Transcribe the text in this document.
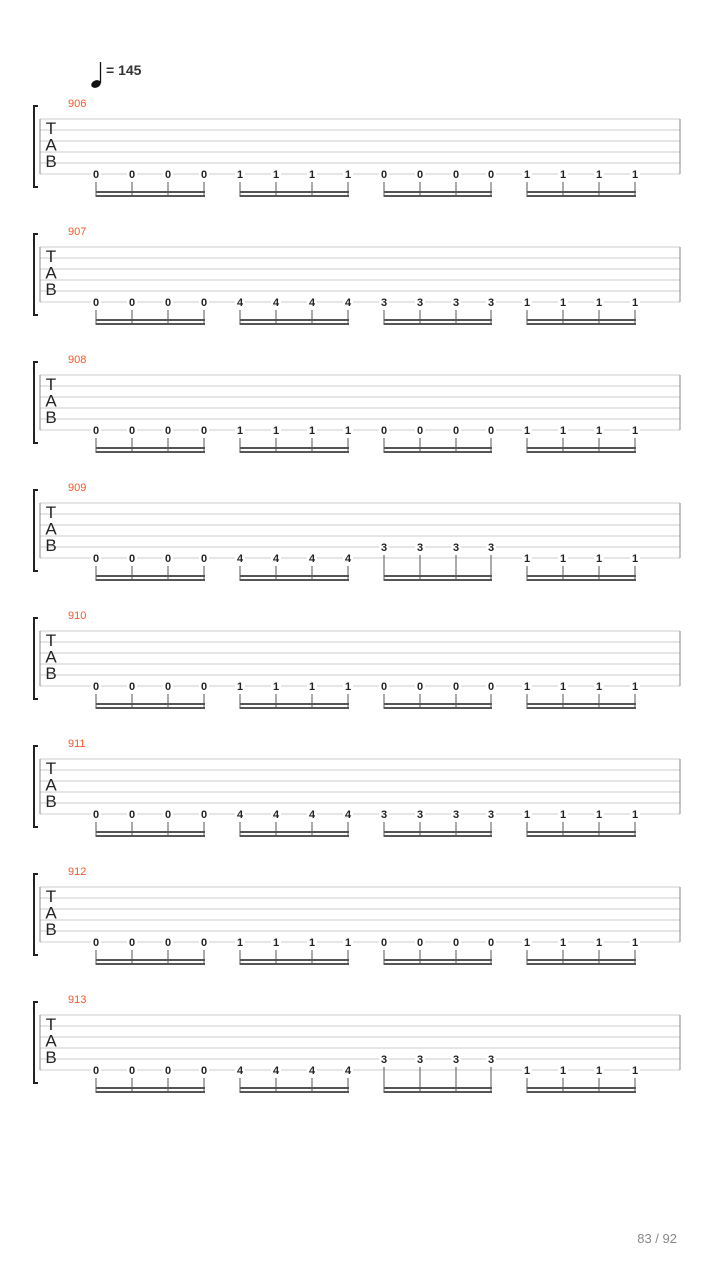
= 145
906
T
A
B
0	0	0	0	1	1	1	1	0	0	0	0	1	1	1	1
907
T
A
B
0	0	0	0	4	4	4	4	3	3	3	3	1	1	1	1
908
T
A
B
0	0	0	0	1	1	1	1	0	0	0	0	1	1	1	1
909
T
A
B
0	0	0	0	4	4	4	4
3	3	3	3
1	1	1	1
910
T
A
B
0	0	0	0	1	1	1	1	0	0	0	0	1	1	1	1
911
T
A
B
0	0	0	0	4	4	4	4	3	3	3	3	1	1	1	1
912
T
A
B
0	0	0	0	1	1	1	1	0	0	0	0	1	1	1	1
913
T
A
B
0	0	0	0	4	4	4	4
3	3	3	3
1	1	1	1
83 / 92
